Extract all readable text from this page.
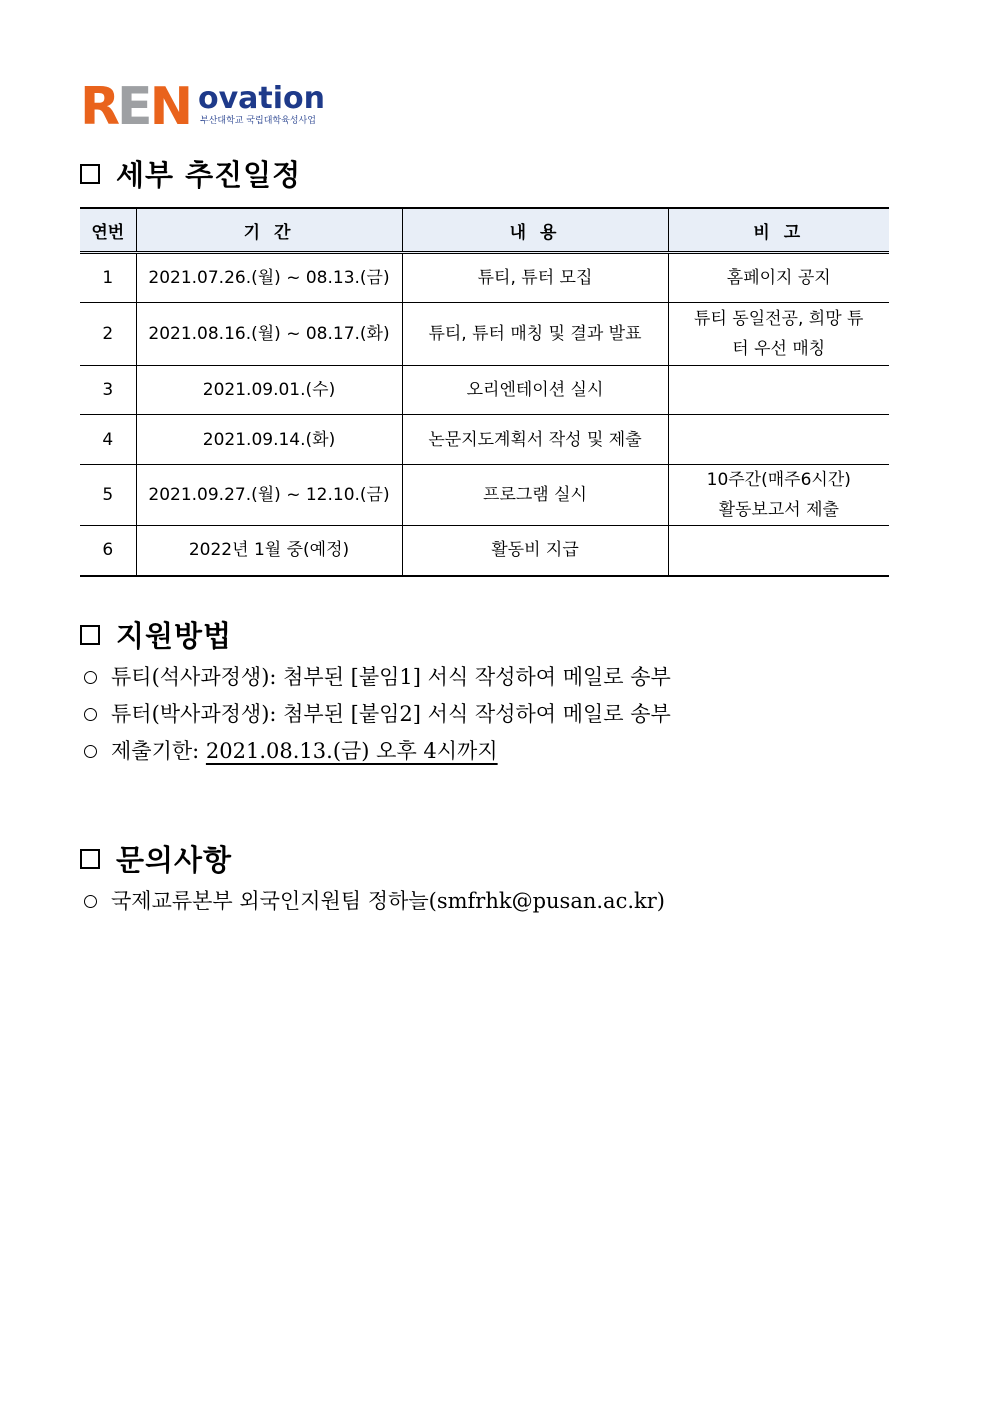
REN ovation
부산대학교 국립대학육성사업
세부 추진일정
연번	기 간	내 용	비 고
1	2021.07.26.(월) ~ 08.13.(금)	튜티, 튜터 모집	홈페이지 공지
2	2021.08.16.(월) ~ 08.17.(화)	튜티, 튜터 매칭 및 결과 발표	튜티 동일전공, 희망 튜터 우선 매칭
3	2021.09.01.(수)	오리엔테이션 실시	
4	2021.09.14.(화)	논문지도계획서 작성 및 제출	
5	2021.09.27.(월) ~ 12.10.(금)	프로그램 실시	10주간(매주6시간) 활동보고서 제출
6	2022년 1월 중(예정)	활동비 지급	
지원방법
튜티(석사과정생): 첨부된 [붙임1] 서식 작성하여 메일로 송부
튜터(박사과정생): 첨부된 [붙임2] 서식 작성하여 메일로 송부
제출기한: 2021.08.13.(금) 오후 4시까지
문의사항
국제교류본부 외국인지원팀 정하늘(smfrhk@pusan.ac.kr)
